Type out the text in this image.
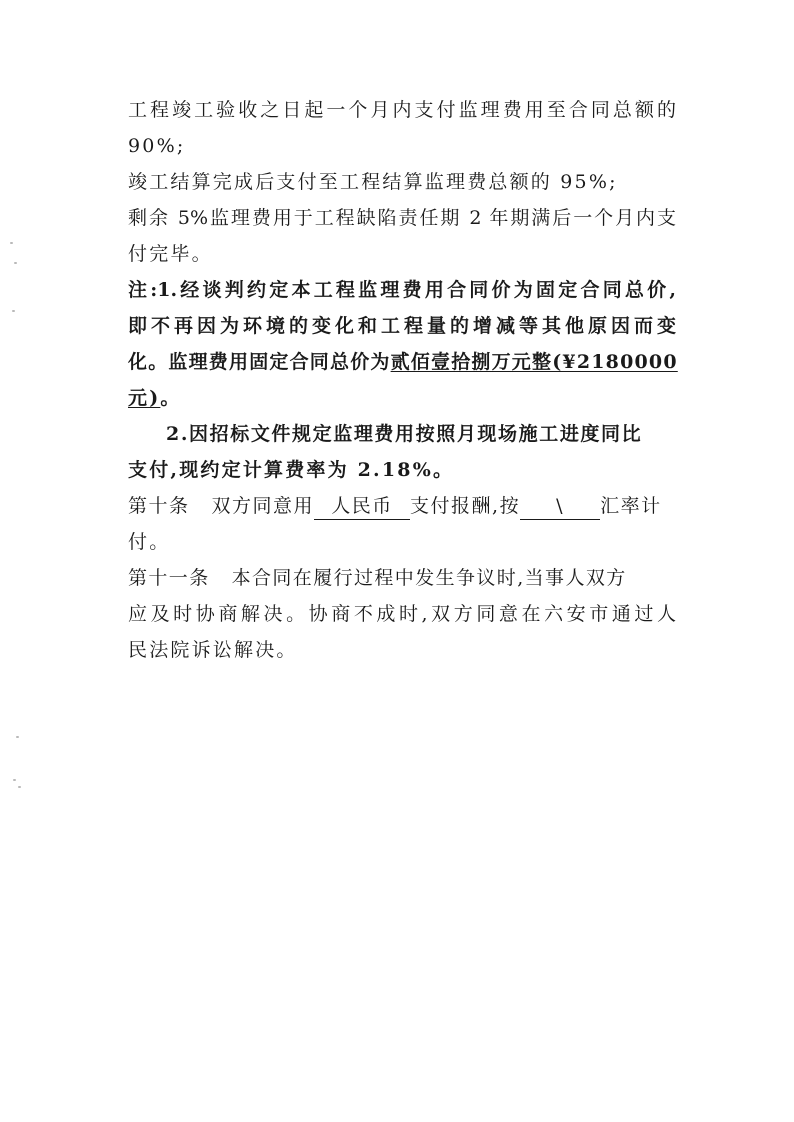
工程竣工验收之日起一个月内支付监理费用至合同总额的
90%;
竣工结算完成后支付至工程结算监理费总额的 95%;
剩余 5%监理费用于工程缺陷责任期 2 年期满后一个月内支
付完毕。
注:1.经谈判约定本工程监理费用合同价为固定合同总价,
即不再因为环境的变化和工程量的增减等其他原因而变
化。监理费用固定合同总价为贰佰壹拾捌万元整(¥2180000
元)。
2.因招标文件规定监理费用按照月现场施工进度同比
支付,现约定计算费率为 2.18%。
第十条 双方同意用 人民币 支付报酬,按 \ 汇率计
付。
第十一条 本合同在履行过程中发生争议时,当事人双方
应及时协商解决。协商不成时,双方同意在六安市通过人
民法院诉讼解决。
